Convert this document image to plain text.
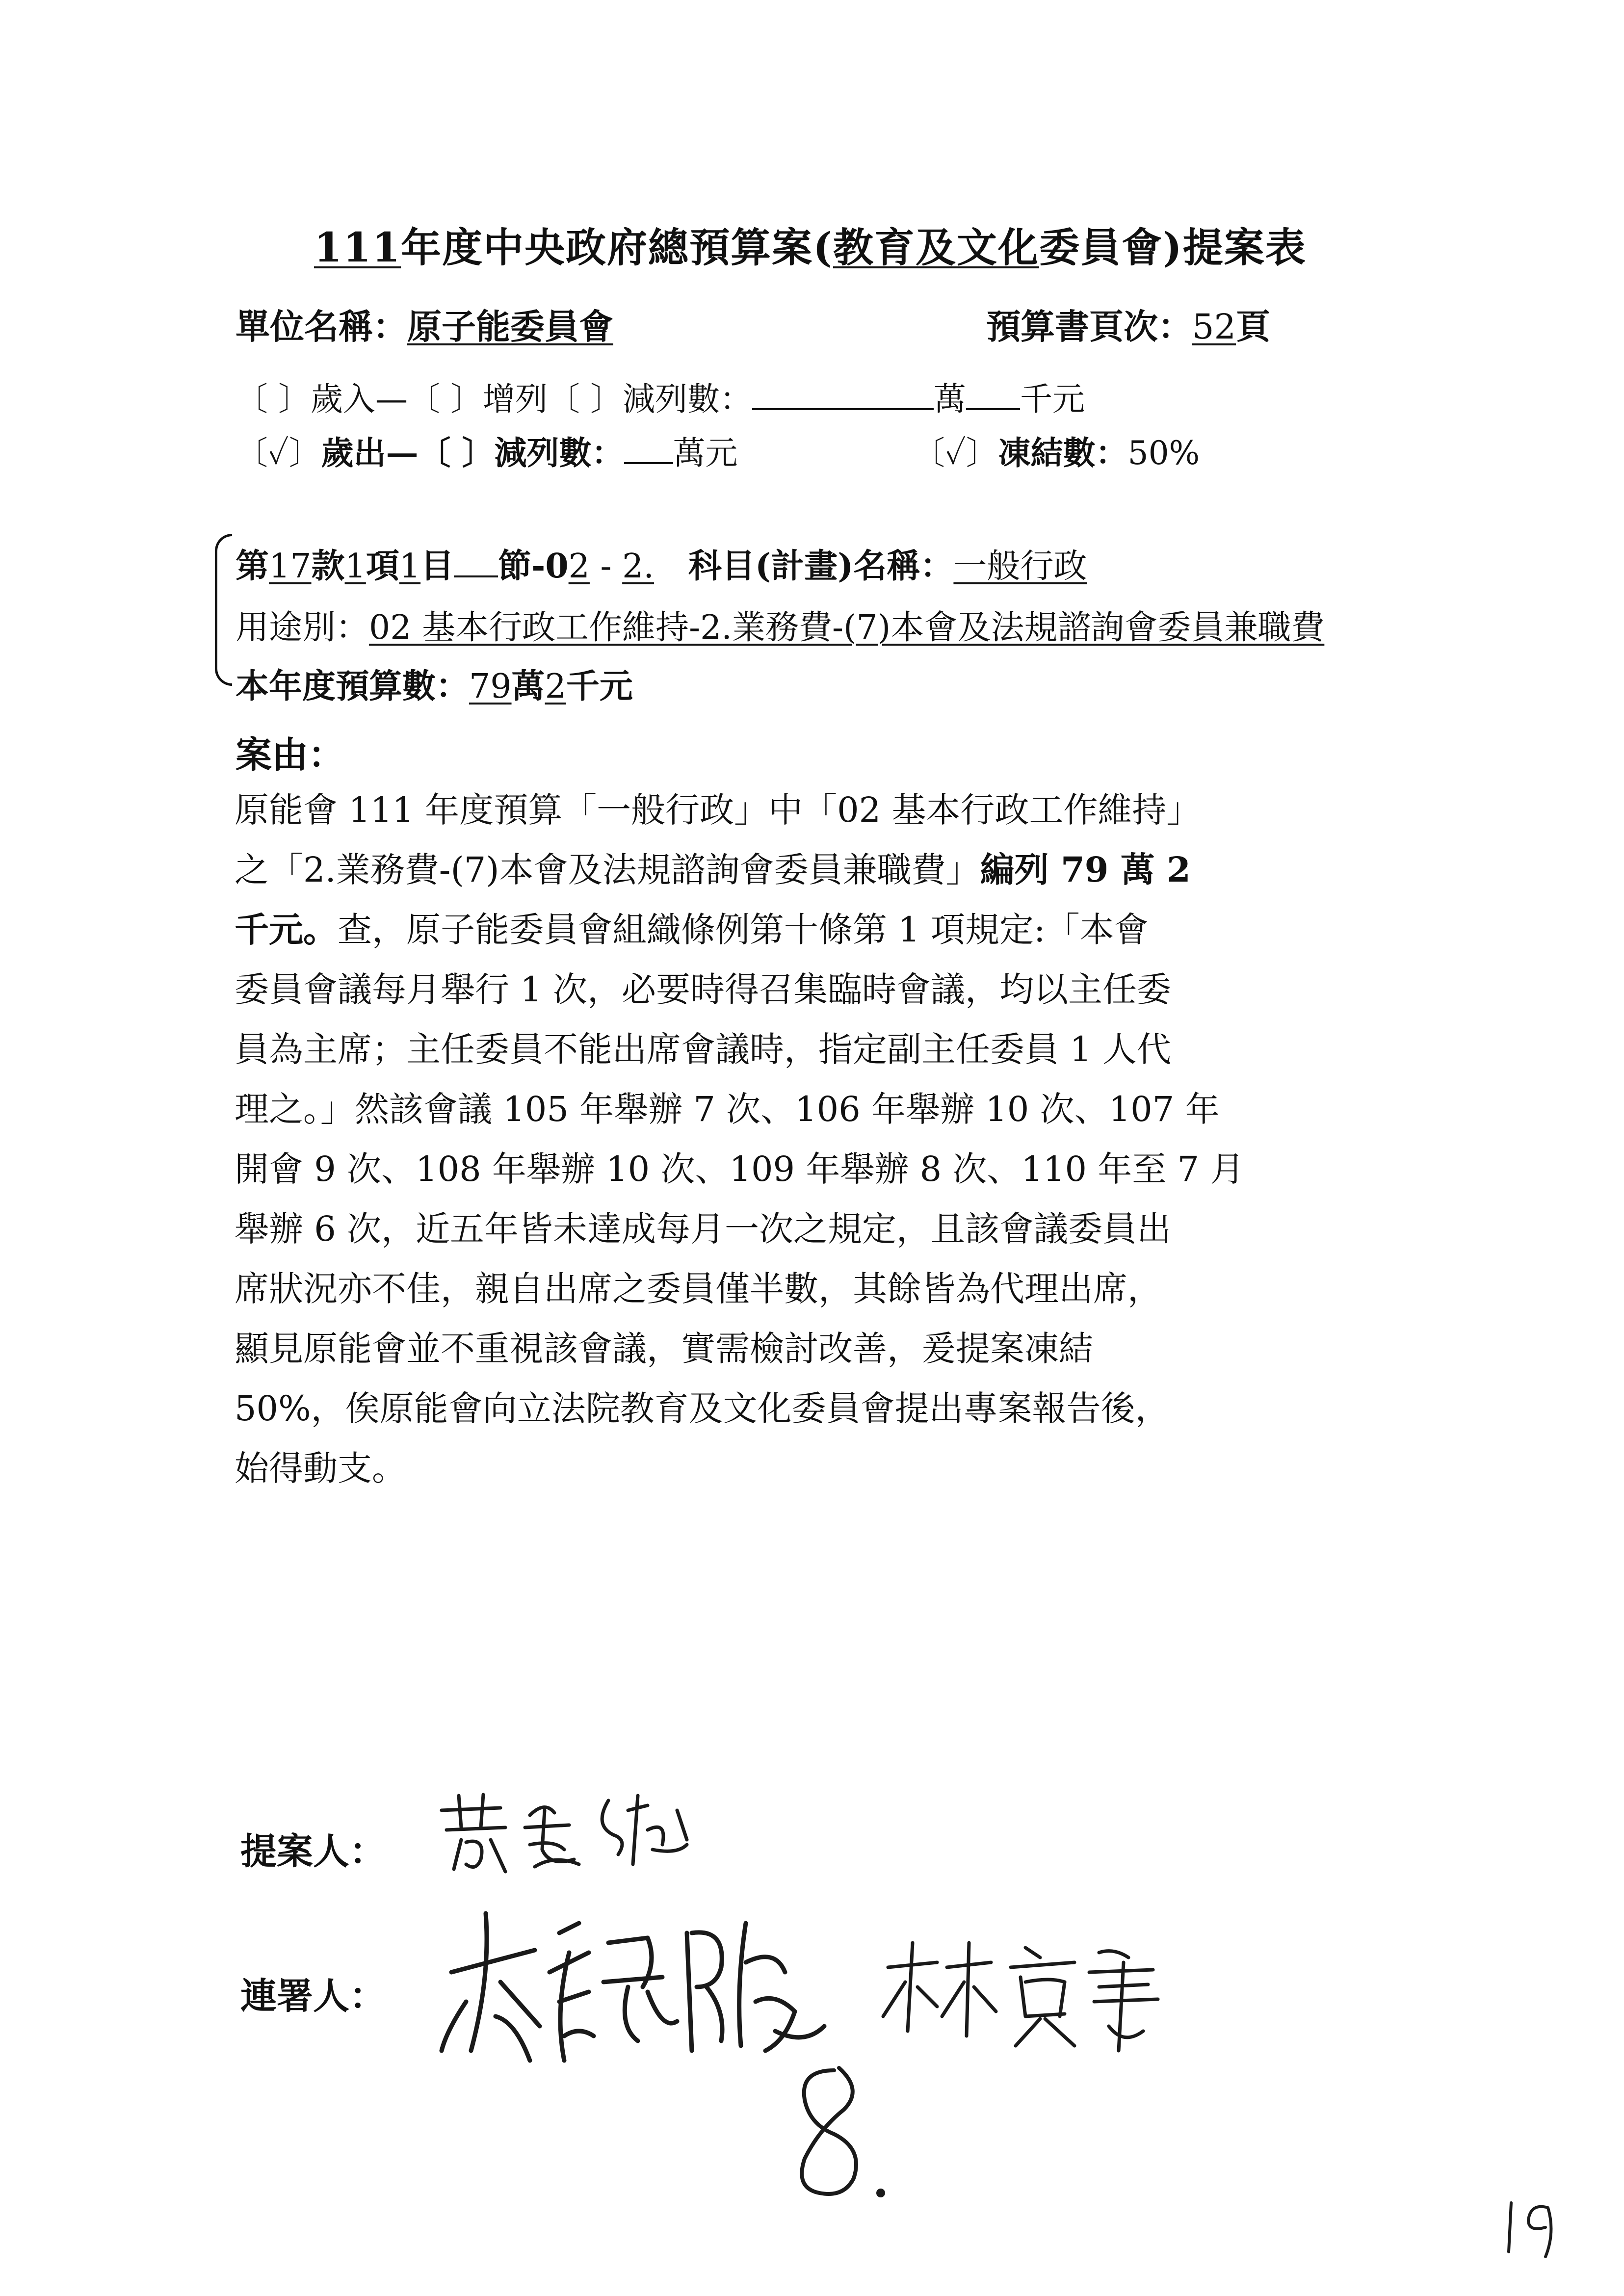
111年度中央政府總預算案(教育及文化委員會)提案表
單位名稱：原子能委員會	預算書頁次：52頁
〔 〕歲入—〔 〕增列〔 〕減列數：	萬 千元
〔✓〕歲出—〔 〕減列數： 萬元	〔✓〕凍結數：50%
第17款1項1目 節-02 - 2. 科目(計畫)名稱：一般行政
用途別：02 基本行政工作維持-2.業務費-(7)本會及法規諮詢會委員兼職費
本年度預算數：79萬2千元
案由：
原能會 111 年度預算「一般行政」中「02 基本行政工作維持」
之「2.業務費-(7)本會及法規諮詢會委員兼職費」編列 79 萬 2
千元。查，原子能委員會組織條例第十條第 1 項規定:「本會
委員會議每月舉行 1 次，必要時得召集臨時會議，均以主任委
員為主席；主任委員不能出席會議時，指定副主任委員 1 人代
理之。」然該會議 105 年舉辦 7 次、106 年舉辦 10 次、107 年
開會 9 次、108 年舉辦 10 次、109 年舉辦 8 次、110 年至 7 月
舉辦 6 次，近五年皆未達成每月一次之規定，且該會議委員出
席狀況亦不佳，親自出席之委員僅半數，其餘皆為代理出席，
顯見原能會並不重視該會議，實需檢討改善，爰提案凍結
50%，俟原能會向立法院教育及文化委員會提出專案報告後，
始得動支。
提案人：
連署人：
